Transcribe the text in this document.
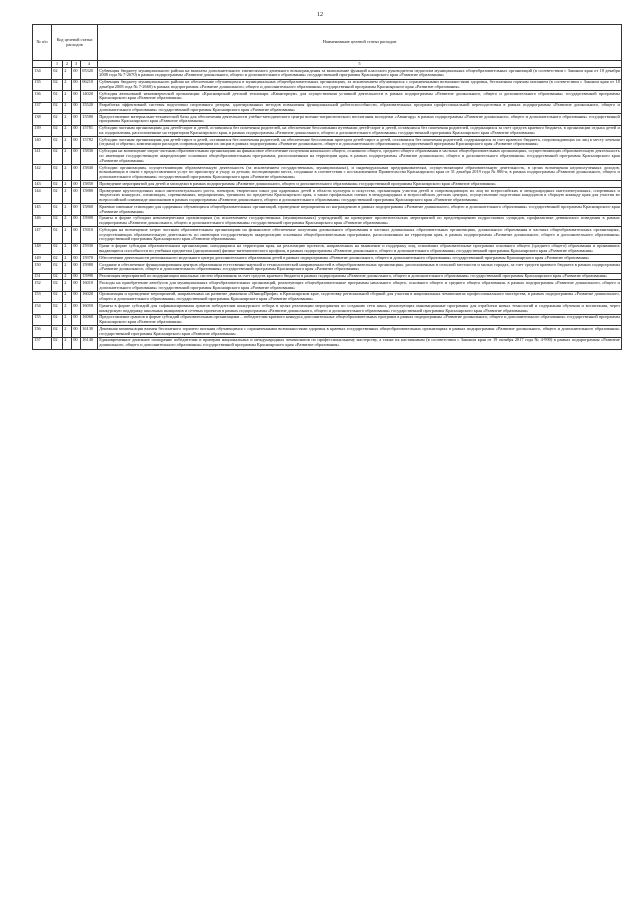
12
№ п/п	Код целевой статьи расходов				Наименование целевой статьи расходов
	1	2	3	4	5
134	02	2	00	05320	Субвенция бюджету муниципального района на выплаты дополнительного ежемесячного денежного вознаграждения за выполнение функций классного руководителя педагогам муниципальных общеобразовательных организаций (в соответствии с Законом края от 18 декабря 2008 года № 7-2670) в рамках подпрограммы «Развитие дошкольного, общего и дополнительного образования» государственной программы Красноярского края «Развитие образования»
135	02	2	00	06210	Субвенция бюджету муниципального района на обеспечение обучающихся в муниципальных общеобразовательных организациях, за исключением обучающихся с ограниченными возможностями здоровья, бесплатным горячим питанием (в соответствии с Законом края от 18 декабря 2008 года № 7-2660) в рамках подпрограммы «Развитие дошкольного, общего и дополнительного образования» государственной программы Красноярского края «Развитие образования»
136	02	2	00	14020	Субсидия автономной некоммерческой организации «Красноярский детский технопарк «Кванториум» для осуществления уставной деятельности в рамках подпрограммы «Развитие дошкольного, общего и дополнительного образования» государственной программы Красноярского края «Развитие образования»
137	02	2	00	15520	Разработка эффективной системы подготовки спортивного резерва, адаптированных методов повышения функциональной работоспособности, образовательных программ профессиональной переподготовки в рамках подпрограммы «Развитие дошкольного, общего и дополнительного образования» государственной программы Красноярского края «Развитие образования»
138	02	2	00	15580	Предоставление материально-технической базы для обеспечения деятельности учебно-методического центра военно-патриотического воспитания молодежи «Авангард» в рамках подпрограммы «Развитие дошкольного, общего и дополнительного образования» государственной программы Красноярского края «Развитие образования»
139	02	2	00	15781	Субсидии частным организациям для детей-сирот и детей, оставшихся без попечения родителей, на обеспечение бесплатными путевками детей-сирот и детей, оставшихся без попечения родителей, содержащихся за счет средств краевого бюджета, в организации отдыха детей и их оздоровления, расположенные на территории Красноярского края, в рамках подпрограммы «Развитие дошкольного, общего и дополнительного образования» государственной программы Красноярского края «Развитие образования»
140	02	2	00	15782	Субсидии частным организациям для детей-сирот и детей, оставшихся без попечения родителей, на обеспечение бесплатным проездом детей-сирот и детей, оставшихся без попечения родителей, содержащихся за счет краевого бюджета, сопровождающих их лиц к месту лечения (отдыха) и обратно, компенсации расходов сопровождающим их лицам в рамках подпрограммы «Развитие дошкольного, общего и дополнительного образования» государственной программы Красноярского края «Развитие образования»
141	02	2	00	15830	Субсидия на возмещение затрат частным образовательным организациям на финансовое обеспечение получения начального общего, основного общего, среднего общего образования в частных общеобразовательных организациях, осуществляющих образовательную деятельность по имеющим государственную аккредитацию основным общеобразовательным программам, расположенным на территории края, в рамках подпрограммы «Развитие дошкольного, общего и дополнительного образования» государственной программы Красноярского края «Развитие образования»
142	02	2	00	15840	Субсидии организациям, осуществляющим образовательную деятельность (за исключением государственных, муниципальных), и индивидуальным предпринимателям, осуществляющим образовательную деятельность, в целях возмещения недополученных доходов, возникающих в связи с предоставлением услуг по присмотру и уходу за детьми, посещающими места, созданные в соответствии с постановлением Правительства Красноярского края от 31 декабря 2019 года № 806-п, в рамках подпрограммы «Развитие дошкольного, общего и дополнительного образования» государственной программы Красноярского края «Развитие образования»
143	02	2	00	15850	Проведение мероприятий для детей и молодежи в рамках подпрограммы «Развитие дошкольного, общего и дополнительного образования» государственной программы Красноярского края «Развитие образования»
144	02	2	00	15880	Проведение круглогодичных школ интеллектуального роста, пленэров, творческих школ для одаренных детей в области культуры и искусства, организация участия детей и сопровождающих их лиц во всероссийских и международных интеллектуальных, спортивных и творческих конкурсах, олимпиадах, соревнованиях, мероприятиях, тренингах по предметам Красноярского края, а также профильных сменах в международных и всероссийских детских центрах, осуществление подготовки кандидатов в сборную команду края для участия во всероссийской олимпиаде школьников в рамках подпрограммы «Развитие дошкольного, общего и дополнительного образования» государственной программы Красноярского края «Развитие образования»
145	02	2	00	15860	Краевые именные стипендии для одаренных обучающихся общеобразовательных организаций, проведение мероприятия по награждению в рамках подпрограммы «Развитие дошкольного, общего и дополнительного образования» государственной программы Красноярского края «Развитие образования»
146	02	2	00	15900	Гранты в форме субсидии некоммерческим организациям (за исключением государственных (муниципальных) учреждений) на проведение просветительских мероприятий по предотвращению подростковых суицидов, профилактике девиантного поведения в рамках подпрограммы «Развитие дошкольного, общего и дополнительного образования» государственной программы Красноярского края «Развитие образования»
147	02	2	00	15910	Субсидия на возмещение затрат частным образовательным организациям на финансовое обеспечение получения дошкольного образования в частных дошкольных образовательных организациях, дошкольного образования в частных общеобразовательных организациях, осуществляющих образовательную деятельность по имеющим государственную аккредитацию основным общеобразовательным программам, расположенным на территории края, в рамках подпрограммы «Развитие дошкольного, общего и дополнительного образования» государственной программы Красноярского края «Развитие образования»
148	02	2	00	15930	Грант в форме субсидии образовательным организациям, находящимся на территории края, на реализацию проектов, направленных на выявление и поддержку лиц, освоивших образовательные программы основного общего (среднего общего) образования и проявивших выдающиеся способности по учебным предметам (дисциплинам) физико-математического профиля, в рамках подпрограммы «Развитие дошкольного, общего и дополнительного образования» государственной программы Красноярского края «Развитие образования»
149	02	2	00	15970	Обеспечение деятельности регионального модельного центра дополнительного образования детей в рамках подпрограммы «Развитие дошкольного, общего и дополнительного образования» государственной программы Красноярского края «Развитие образования»
150	02	2	00	15980	Создание и обеспечение функционирования центров образования естественно-научной и технологической направленностей в общеобразовательных организациях, расположенных в сельской местности и малых городах, за счет средств краевого бюджета в рамках подпрограммы «Развитие дошкольного, общего и дополнительного образования» государственной программы Красноярского края «Развитие образования»
151	02	2	00	15990	Реализация мероприятий по модернизации школьных систем образования за счет средств краевого бюджета в рамках подпрограммы «Развитие дошкольного, общего и дополнительного образования» государственной программы Красноярского края «Развитие образования»
152	02	2	00	16010	Расходы на приобретение автобусов для муниципальных общеобразовательных организаций, реализующих общеобразовательные программы начального общего, основного общего и среднего общего образования, в рамках подпрограммы «Развитие дошкольного, общего и дополнительного образования» государственной программы Красноярского края «Развитие образования»
153	02	2	00	16020	Организация и проведение мероприятий, направленных на развитие движения «ЮниорПрофи» в Красноярском крае, подготовку региональной сборной для участия в национальных чемпионатах профессионального мастерства, в рамках подпрограммы «Развитие дошкольного, общего и дополнительного образования» государственной программы Красноярского края «Развитие образования»
154	02	2	00	16050	Гранты в форме субсидий для софинансирования грантов победителям конкурсного отбора в целях реализации мероприятия по созданию сети школ, реализующих инновационные программы для отработки новых технологий и содержания обучения и воспитания, через конкурсную поддержку школьных инициатив и сетевых проектов в рамках подпрограммы «Развитие дошкольного, общего и дополнительного образования» государственной программы Красноярского края «Развитие образования»
155	02	2	00	16060	Предоставление грантов в форме субсидий образовательным организациям – победителям краевого конкурса дополнительных общеобразовательных программ в рамках подпрограммы «Развитие дошкольного, общего и дополнительного образования» государственной программы Красноярского края «Развитие образования»
156	02	2	00	16130	Денежная компенсация взамен бесплатного горячего питания обучающимся с ограниченными возможностями здоровья в краевых государственных общеобразовательных организациях в рамках подпрограммы «Развитие дошкольного, общего и дополнительного образования» государственной программы Красноярского края «Развитие образования»
157	02	2	00	16140	Единовременное денежное поощрение победителям и призерам национальных и международных чемпионатов по профессиональному мастерству, а также их наставникам (в соответствии с Законом края от 19 октября 2017 года № 4-990) в рамках подпрограммы «Развитие дошкольного, общего и дополнительного образования» государственной программы Красноярского края «Развитие образования»
